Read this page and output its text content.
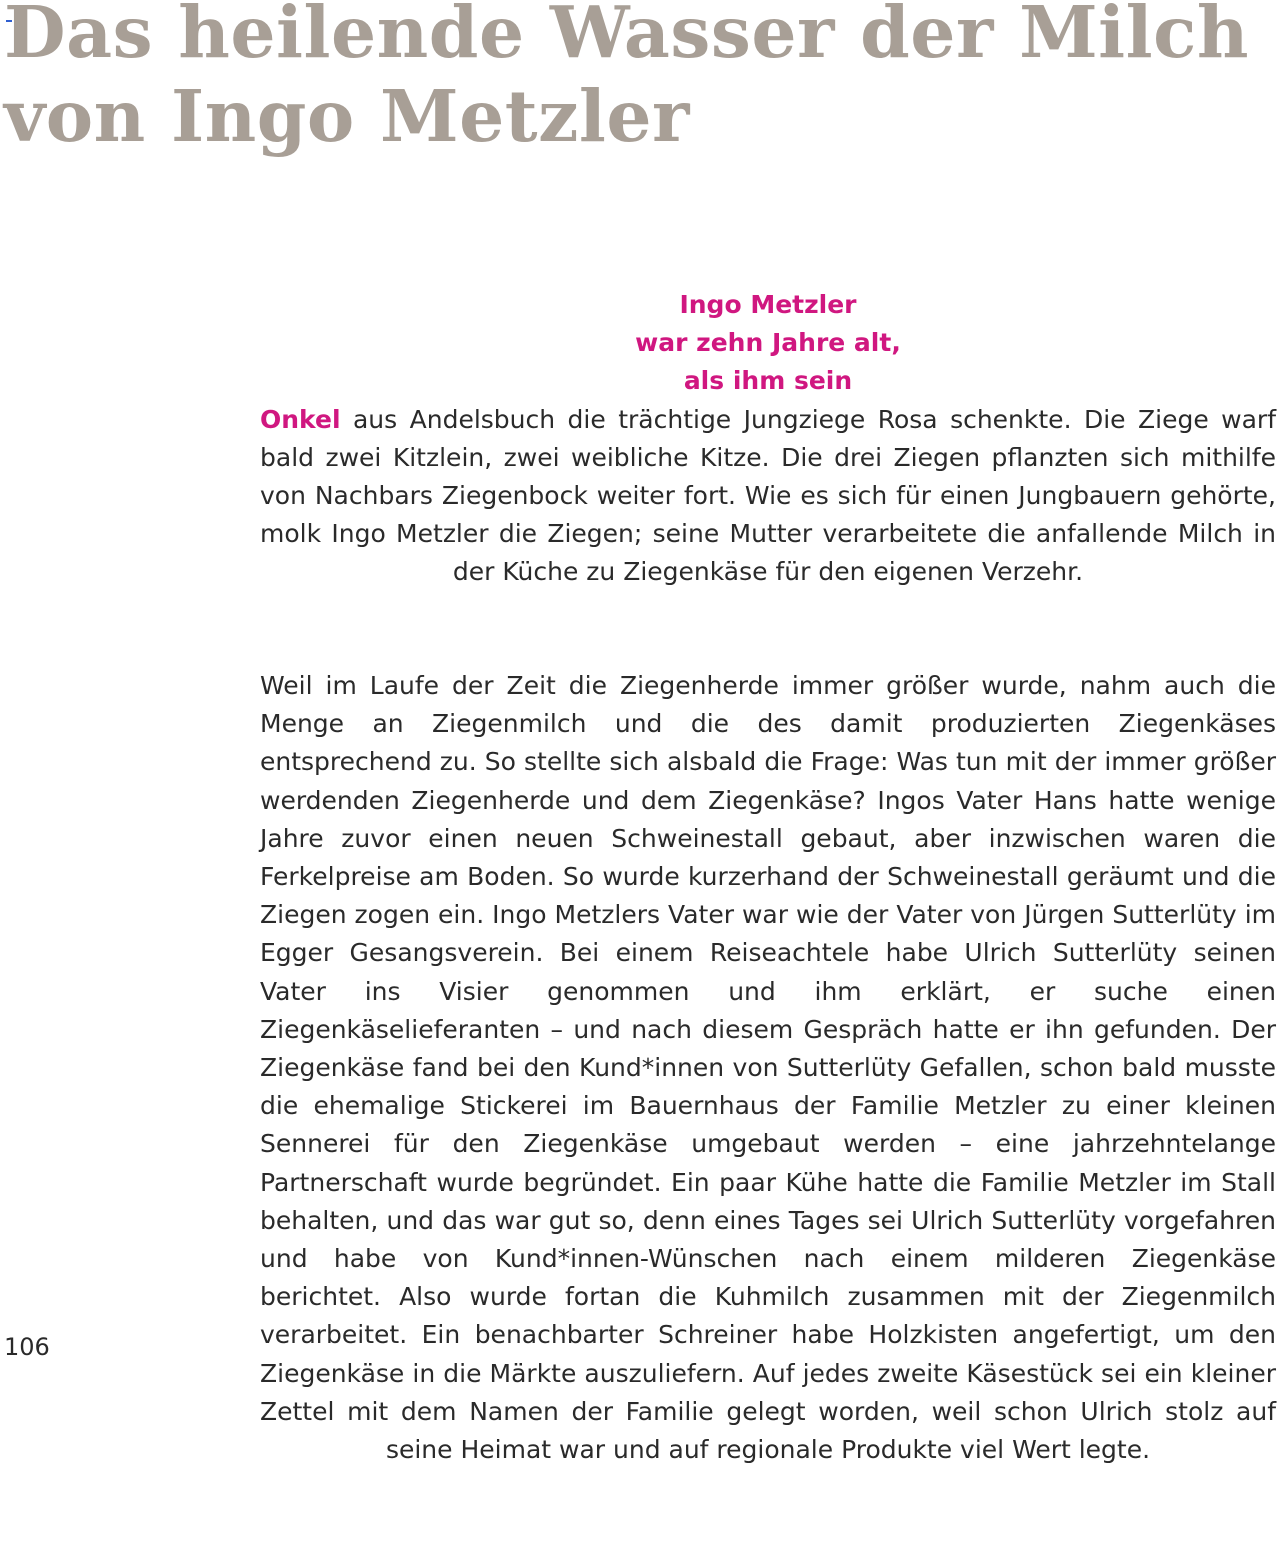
Das heilende Wasser der Milch
von Ingo Metzler

Ingo Metzler
war zehn Jahre alt,
als ihm sein
Onkel aus Andelsbuch die trächtige Jungziege Rosa schenkte. Die Ziege warf bald zwei Kitzlein, zwei weibliche Kitze. Die drei Ziegen pflanzten sich mithilfe von Nachbars Ziegenbock weiter fort. Wie es sich für einen Jungbauern gehörte, molk Ingo Metzler die Ziegen; seine Mutter verarbeitete die anfallende Milch in der Küche zu Ziegenkäse für den eigenen Verzehr.

Weil im Laufe der Zeit die Ziegenherde immer größer wurde, nahm auch die Menge an Ziegenmilch und die des damit produzierten Ziegenkäses entsprechend zu. So stellte sich alsbald die Frage: Was tun mit der immer größer werdenden Ziegenherde und dem Ziegenkäse? Ingos Vater Hans hatte wenige Jahre zuvor einen neuen Schweinestall gebaut, aber inzwischen waren die Ferkelpreise am Boden. So wurde kurzerhand der Schweinestall geräumt und die Ziegen zogen ein. Ingo Metzlers Vater war wie der Vater von Jürgen Sutterlüty im Egger Gesangsverein. Bei einem Reiseachtele habe Ulrich Sutterlüty seinen Vater ins Visier genommen und ihm erklärt, er suche einen Ziegenkäselieferanten – und nach diesem Gespräch hatte er ihn gefunden. Der Ziegenkäse fand bei den Kund*innen von Sutterlüty Gefallen, schon bald musste die ehemalige Stickerei im Bauernhaus der Familie Metzler zu einer kleinen Sennerei für den Ziegenkäse umgebaut werden – eine jahrzehntelange Partnerschaft wurde begründet. Ein paar Kühe hatte die Familie Metzler im Stall behalten, und das war gut so, denn eines Tages sei Ulrich Sutterlüty vorgefahren und habe von Kund*innen-Wünschen nach einem milderen Ziegenkäse berichtet. Also wurde fortan die Kuhmilch zusammen mit der Ziegenmilch verarbeitet. Ein benachbarter Schreiner habe Holzkisten angefertigt, um den Ziegenkäse in die Märkte auszuliefern. Auf jedes zweite Käsestück sei ein kleiner Zettel mit dem Namen der Familie gelegt worden, weil schon Ulrich stolz auf seine Heimat war und auf regionale Produkte viel Wert legte.

106
